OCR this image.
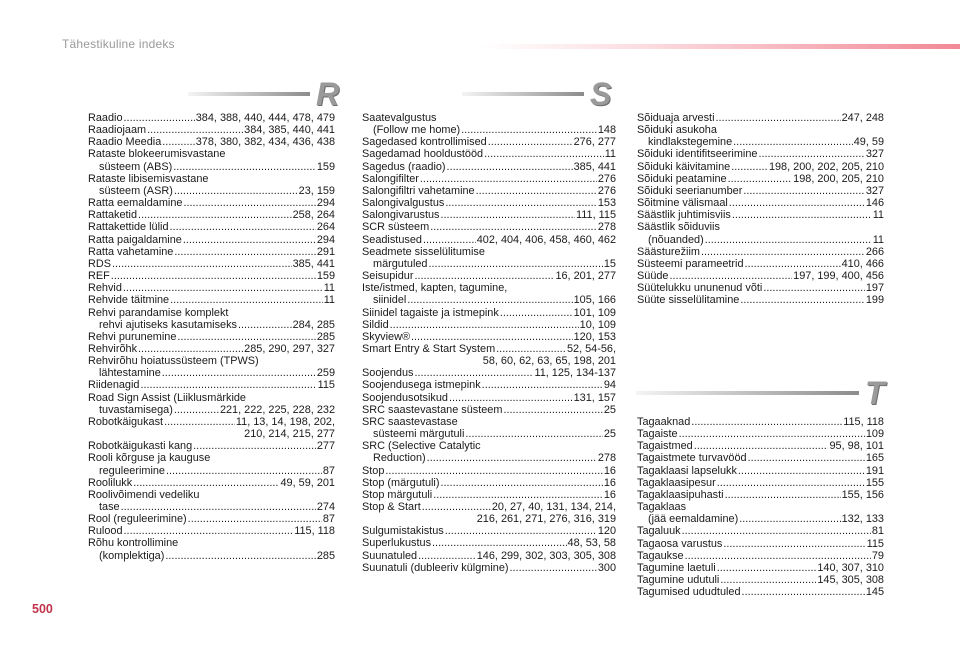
Tähestikuline indeks
R	S
T
Raadio .....	384, 388, 440, 444, 478, 479
Raadiojaam .....	384, 385, 440, 441
Raadio Meedia .....	378, 380, 382, 434, 436, 438
Rataste blokeerumisvastane
süsteem (ABS) .....	159
Rataste libisemisvastane
süsteem (ASR) .....	23, 159
Ratta eemaldamine .....	294
Rattaketid .....	258, 264
Rattakettide lülid .....	264
Ratta paigaldamine .....	294
Ratta vahetamine .....	291
RDS .....	385, 441
REF .....	159
Rehvid .....	11
Rehvide täitmine .....	11
Rehvi parandamise komplekt
rehvi ajutiseks kasutamiseks .....	284, 285
Rehvi purunemine .....	285
Rehvirõhk .....	285, 290, 297, 327
Rehvirõhu hoiatussüsteem (TPWS)
lähtestamine .....	259
Riidenagid .....	115
Road Sign Assist (Liiklusmärkide
tuvastamisega) .....	221, 222, 225, 228, 232
Robotkäigukast .....	11, 13, 14, 198, 202,
210, 214, 215, 277
Robotkäigukasti kang .....	277
Rooli kõrguse ja kauguse
reguleerimine .....	87
Roolilukk .....	49, 59, 201
Roolivõimendi vedeliku
tase .....	274
Rool (reguleerimine) .....	87
Rulood .....	115, 118
Rõhu kontrollimine
(komplektiga) .....	285
Saatevalgustus
(Follow me home) .....	148
Sagedased kontrollimised .....	276, 277
Sagedamad hooldustööd .....	11
Sagedus (raadio) .....	385, 441
Salongifilter .....	276
Salongifiltri vahetamine .....	276
Salongivalgustus .....	153
Salongivarustus .....	111, 115
SCR süsteem .....	278
Seadistused .....	402, 404, 406, 458, 460, 462
Seadmete sisselülitumise
märgutuled .....	15
Seisupidur .....	16, 201, 277
Iste/istmed, kapten, tagumine,
siinidel .....	105, 166
Siinidel tagaiste ja istmepink .....	101, 109
Sildid .....	10, 109
Skyview® .....	120, 153
Smart Entry & Start System .....	52, 54-56,
58, 60, 62, 63, 65, 198, 201
Soojendus .....	11, 125, 134-137
Soojendusega istmepink .....	94
Soojendusotsikud .....	131, 157
SRC saastevastane süsteem .....	25
SRC saastevastase
süsteemi märgutuli .....	25
SRC (Selective Catalytic
Reduction) .....	278
Stop .....	16
Stop (märgutuli) .....	16
Stop märgutuli .....	16
Stop & Start .....	20, 27, 40, 131, 134, 214,
216, 261, 271, 276, 316, 319
Sulgumistakistus .....	120
Superlukustus .....	48, 53, 58
Suunatuled .....	146, 299, 302, 303, 305, 308
Suunatuli (dubleeriv külgmine) .....	300
Sõiduaja arvesti .....	247, 248
Sõiduki asukoha
kindlakstegemine .....	49, 59
Sõiduki identifitseerimine .....	327
Sõiduki käivitamine .....	198, 200, 202, 205, 210
Sõiduki peatamine .....	198, 200, 205, 210
Sõiduki seerianumber .....	327
Sõitmine välismaal .....	146
Säästlik juhtimisviis .....	11
Säästlik sõiduviis
(nõuanded) .....	11
Säästurežiim .....	266
Süsteemi parameetrid .....	410, 466
Süüde .....	197, 199, 400, 456
Süütelukku ununenud võti .....	197
Süüte sisselülitamine .....	199
Tagaaknad .....	115, 118
Tagaiste .....	109
Tagaistmed .....	95, 98, 101
Tagaistmete turvavööd .....	165
Tagaklaasi lapselukk .....	191
Tagaklaasipesur .....	155
Tagaklaasipuhasti .....	155, 156
Tagaklaas
(jää eemaldamine) .....	132, 133
Tagaluuk .....	81
Tagaosa varustus .....	115
Tagaukse .....	79
Tagumine laetuli .....	140, 307, 310
Tagumine udutuli .....	145, 305, 308
Tagumised ududtuled .....	145
500
